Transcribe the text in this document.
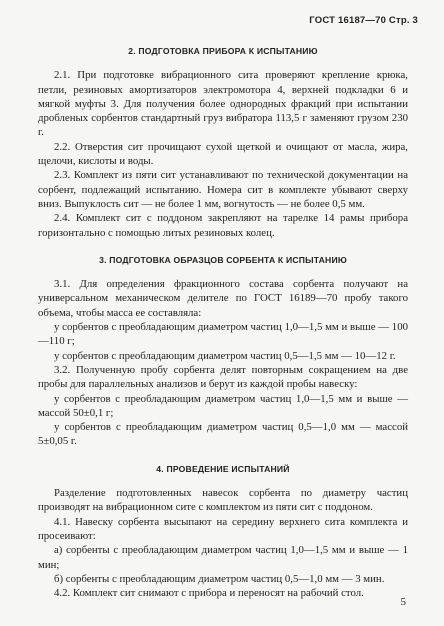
ГОСТ 16187—70 Стр. 3
2. ПОДГОТОВКА ПРИБОРА К ИСПЫТАНИЮ

2.1. При подготовке вибрационного сита проверяют крепление крюка, петли, резиновых амортизаторов электромотора 4, верхней подкладки 6 и мягкой муфты 3. Для получения более однородных фракций при испытании дробленых сорбентов стандартный груз вибратора 113,5 г заменяют грузом 230 г.

2.2. Отверстия сит прочищают сухой щеткой и очищают от масла, жира, щелочи, кислоты и воды.

2.3. Комплект из пяти сит устанавливают по технической документации на сорбент, подлежащий испытанию. Номера сит в комплекте убывают сверху вниз. Выпуклость сит — не более 1 мм, вогнутость — не более 0,5 мм.

2.4. Комплект сит с поддоном закрепляют на тарелке 14 рамы прибора горизонтально с помощью литых резиновых колец.

3. ПОДГОТОВКА ОБРАЗЦОВ СОРБЕНТА К ИСПЫТАНИЮ

3.1. Для определения фракционного состава сорбента получают на универсальном механическом делителе по ГОСТ 16189—70 пробу такого объема, чтобы масса ее составляла:

у сорбентов с преобладающим диаметром частиц 1,0—1,5 мм и выше — 100—110 г;

у сорбентов с преобладающим диаметром частиц 0,5—1,5 мм — 10—12 г.

3.2. Полученную пробу сорбента делят повторным сокращением на две пробы для параллельных анализов и берут из каждой пробы навеску:

у сорбентов с преобладающим диаметром частиц 1,0—1,5 мм и выше — массой 50±0,1 г;

у сорбентов с преобладающим диаметром частиц 0,5—1,0 мм — массой 5±0,05 г.

4. ПРОВЕДЕНИЕ ИСПЫТАНИЙ

Разделение подготовленных навесок сорбента по диаметру частиц производят на вибрационном сите с комплектом из пяти сит с поддоном.

4.1. Навеску сорбента высыпают на середину верхнего сита комплекта и просеивают:

а) сорбенты с преобладающим диаметром частиц 1,0—1,5 мм и выше — 1 мин;

б) сорбенты с преобладающим диаметром частиц 0,5—1,0 мм — 3 мин.

4.2. Комплект сит снимают с прибора и переносят на рабочий стол.

5
